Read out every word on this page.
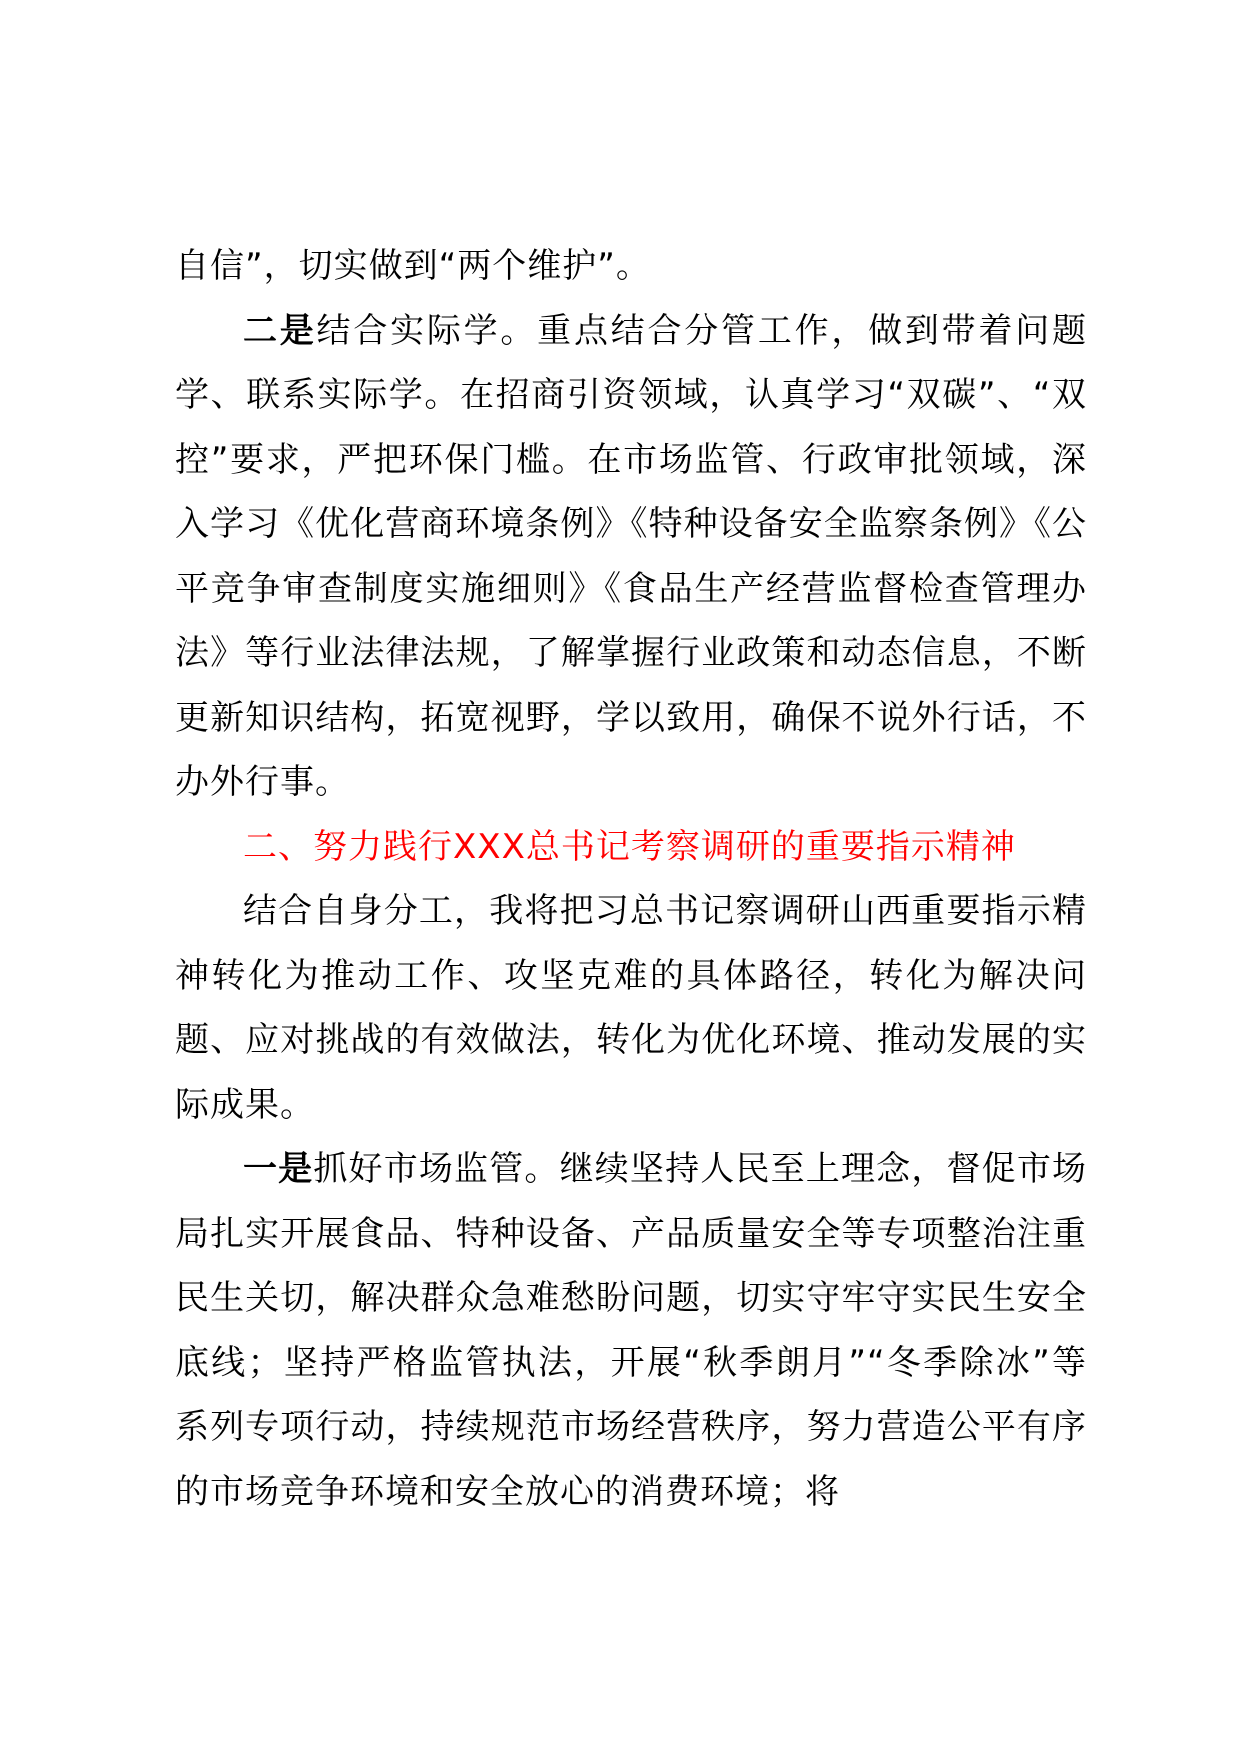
自信”，切实做到“两个维护”。

二是结合实际学。重点结合分管工作，做到带着问题学、联系实际学。在招商引资领域，认真学习“双碳”、“双控”要求，严把环保门槛。在市场监管、行政审批领域，深入学习《优化营商环境条例》《特种设备安全监察条例》《公平竞争审查制度实施细则》《食品生产经营监督检查管理办法》等行业法律法规，了解掌握行业政策和动态信息，不断更新知识结构，拓宽视野，学以致用，确保不说外行话，不办外行事。

二、努力践行XXX总书记考察调研的重要指示精神

结合自身分工，我将把习总书记察调研山西重要指示精神转化为推动工作、攻坚克难的具体路径，转化为解决问题、应对挑战的有效做法，转化为优化环境、推动发展的实际成果。

一是抓好市场监管。继续坚持人民至上理念，督促市场局扎实开展食品、特种设备、产品质量安全等专项整治注重民生关切，解决群众急难愁盼问题，切实守牢守实民生安全底线；坚持严格监管执法，开展“秋季朗月”“冬季除冰”等系列专项行动，持续规范市场经营秩序，努力营造公平有序的市场竞争环境和安全放心的消费环境；将
